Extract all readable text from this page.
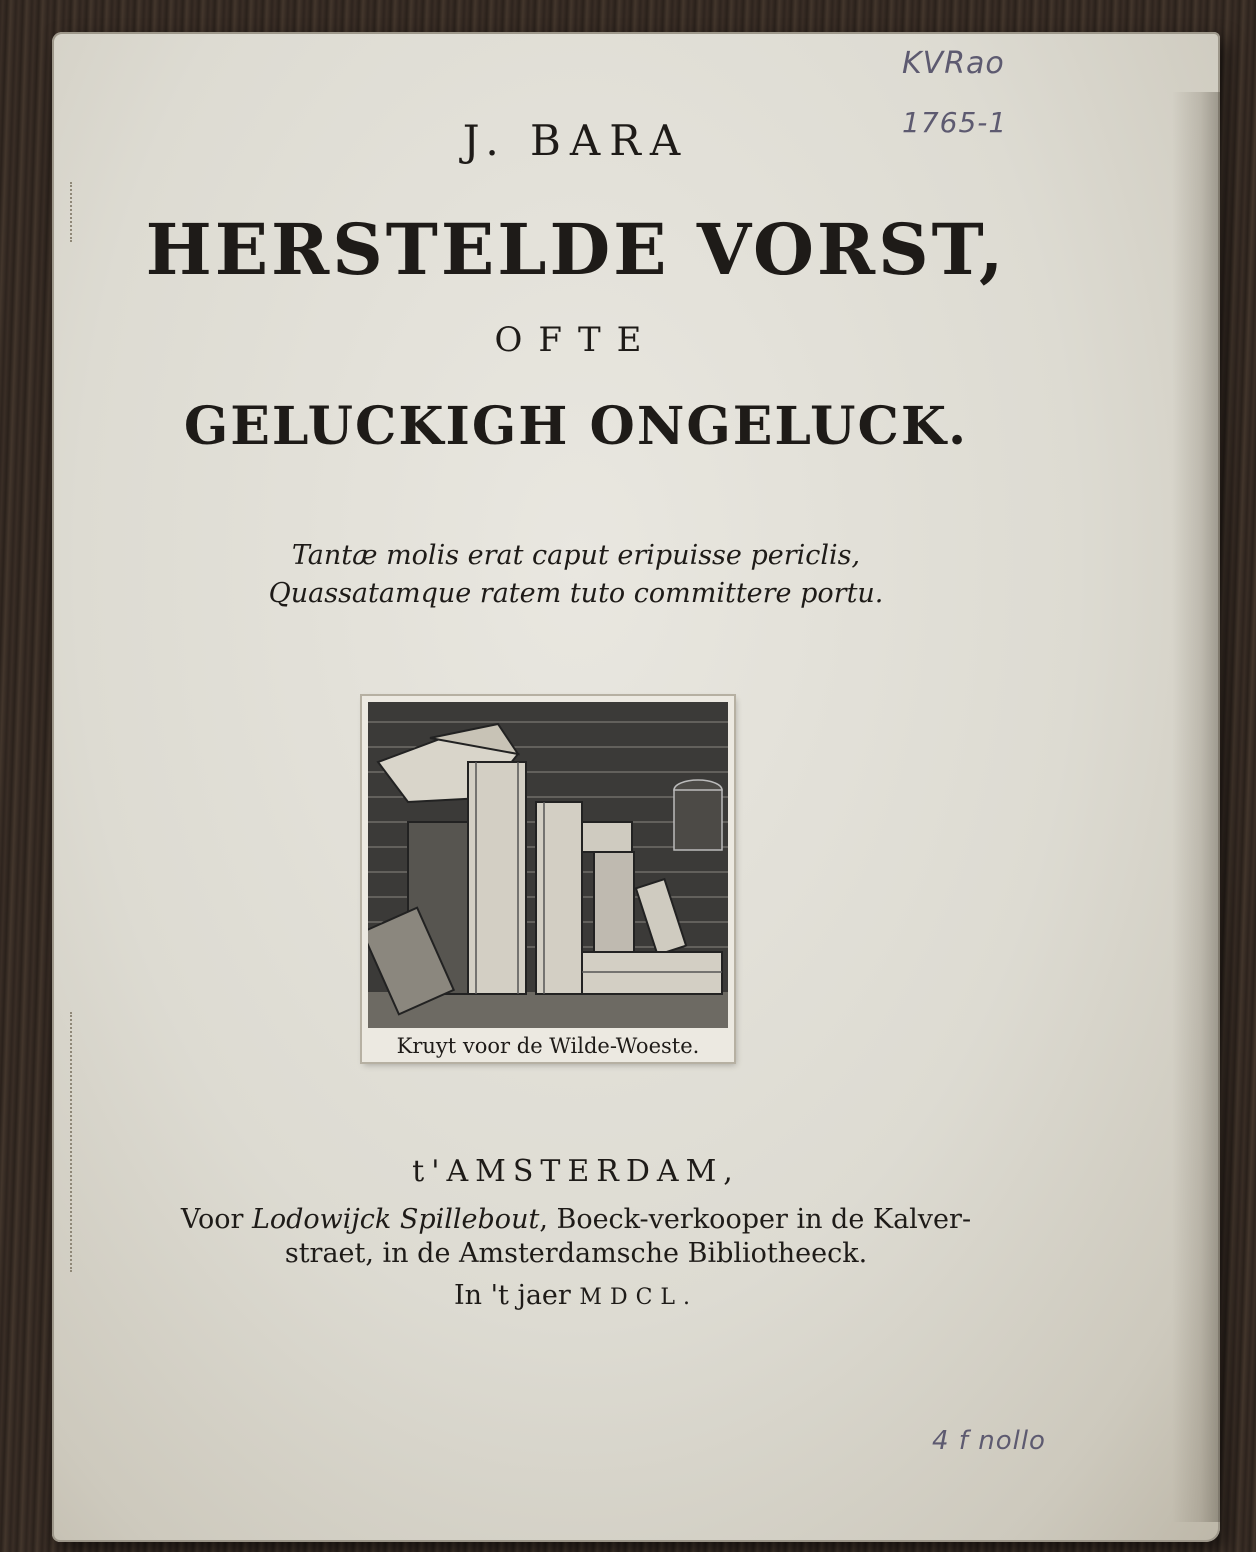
KVRao
1765-1
4 f nollo
J. BARA
HERSTELDE VORST,
OFTE
GELUCKIGH ONGELUCK.
Tantæ molis erat caput eripuisse periclis,
Quassatamque ratem tuto committere portu.
Kruyt voor de Wilde-Woeste.
t'AMSTERDAM,
Voor Lodowijck Spillebout, Boeck-verkooper in de Kalver-
straet, in de Amsterdamsche Bibliotheeck.
In 't jaer MDCL.
